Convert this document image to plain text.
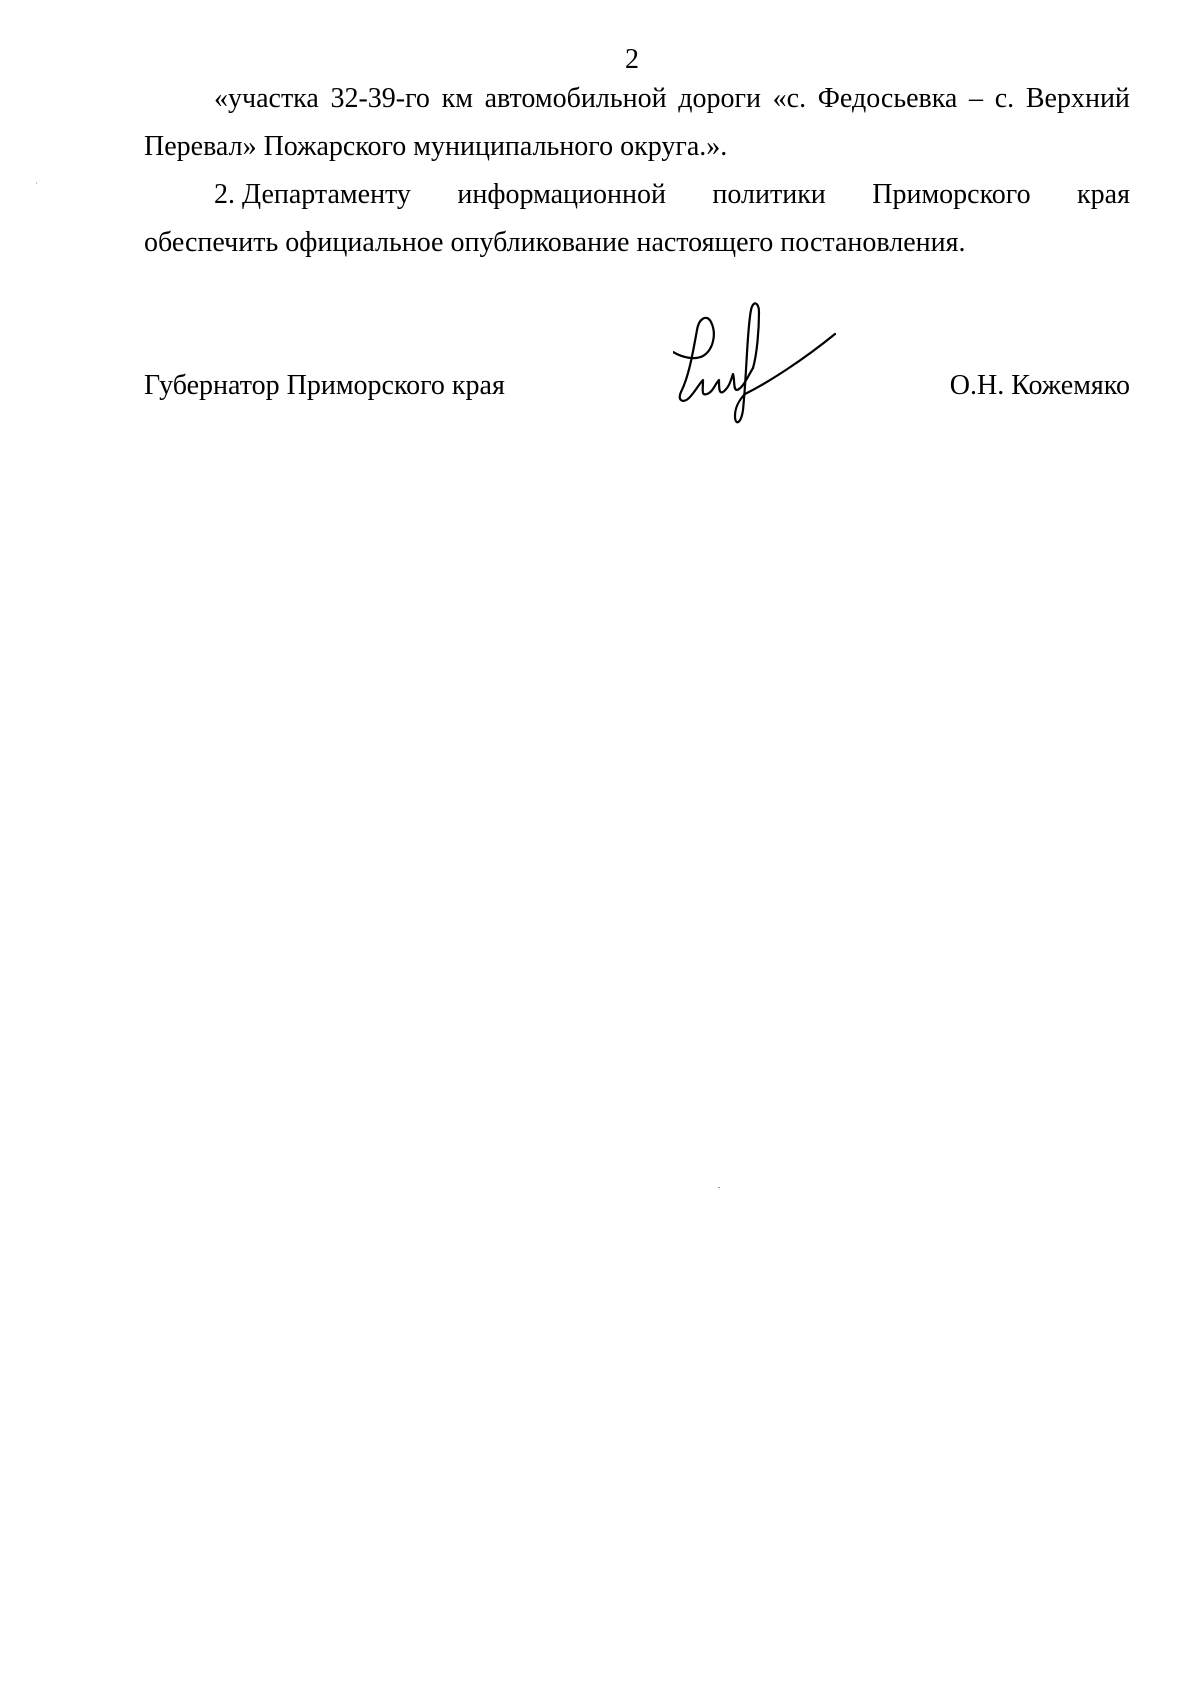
2
«участка 32-39-го км автомобильной дороги «с. Федосьевка – с. Верхний
Перевал» Пожарского муниципального округа.».
2. Департаменту информационной политики Приморского края
обеспечить официальное опубликование настоящего постановления.
Губернатор Приморского края	О.Н. Кожемяко
